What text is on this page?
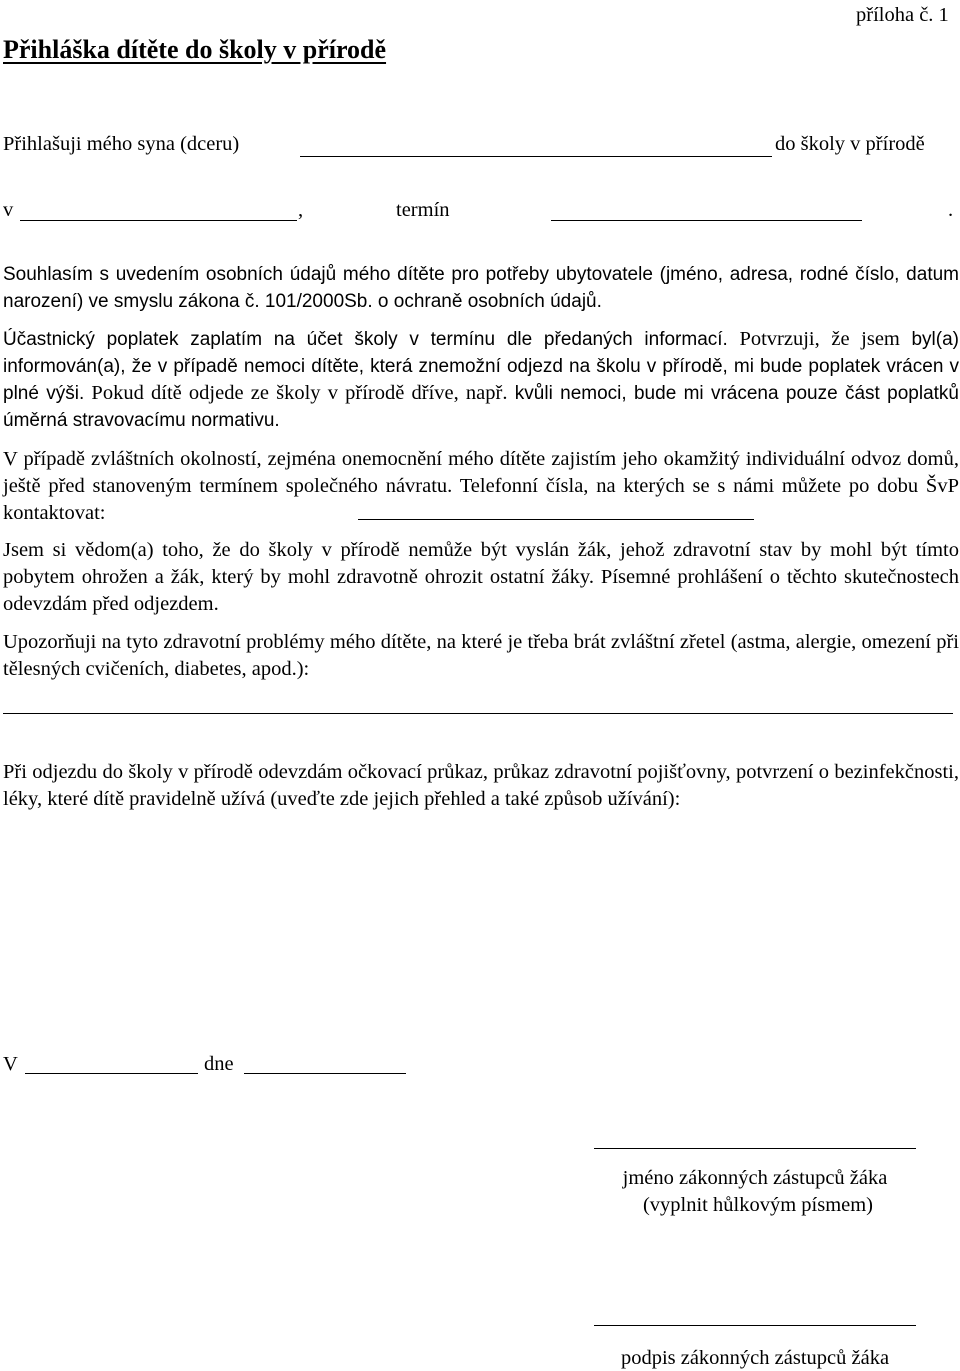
příloha č. 1
Přihláška dítěte do školy v přírodě
Přihlašuji mého syna (dceru)	do školy v přírodě
v	,	termín	.
Souhlasím s uvedením osobních údajů mého dítěte pro potřeby ubytovatele (jméno, adresa, rodné číslo, datum narození) ve smyslu zákona č. 101/2000Sb. o ochraně osobních údajů.
Účastnický poplatek zaplatím na účet školy v termínu dle předaných informací. Potvrzuji, že jsem byl(a) informován(a), že v případě nemoci dítěte, která znemožní odjezd na školu v přírodě, mi bude poplatek vrácen v plné výši. Pokud dítě odjede ze školy v přírodě dříve, např. kvůli nemoci, bude mi vrácena pouze část poplatků úměrná stravovacímu normativu.
V případě zvláštních okolností, zejména onemocnění mého dítěte zajistím jeho okamžitý individuální odvoz domů, ještě před stanoveným termínem společného návratu. Telefonní čísla, na kterých se s námi můžete po dobu ŠvP kontaktovat:
Jsem si vědom(a) toho, že do školy v přírodě nemůže být vyslán žák, jehož zdravotní stav by mohl být tímto pobytem ohrožen a žák, který by mohl zdravotně ohrozit ostatní žáky. Písemné prohlášení o těchto skutečnostech odevzdám před odjezdem.
Upozorňuji na tyto zdravotní problémy mého dítěte, na které je třeba brát zvláštní zřetel (astma, alergie, omezení při tělesných cvičeních, diabetes, apod.):
Při odjezdu do školy v přírodě odevzdám očkovací průkaz, průkaz zdravotní pojišťovny, potvrzení o bezinfekčnosti, léky, které dítě pravidelně užívá (uveďte zde jejich přehled a také způsob užívání):
V	dne
jméno zákonných zástupců žáka
(vyplnit hůlkovým písmem)
podpis zákonných zástupců žáka
